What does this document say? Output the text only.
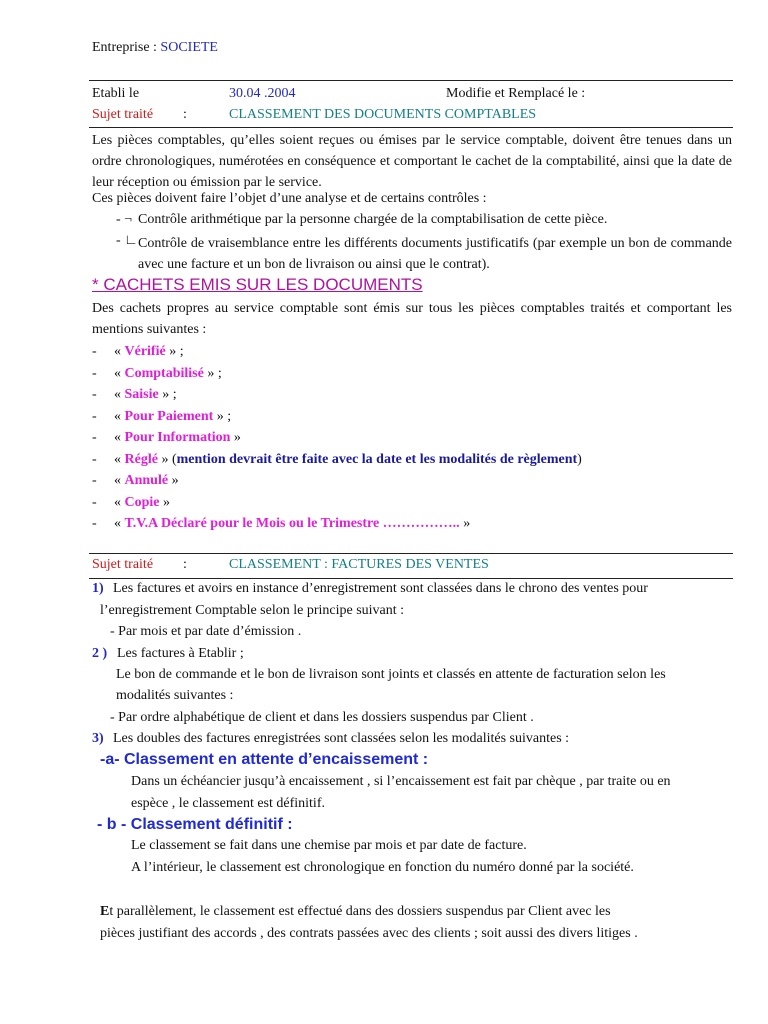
Entreprise : SOCIETE
Etabli le	30.04 .2004	Modifie et Remplacé le :
Sujet traité :	CLASSEMENT DES DOCUMENTS COMPTABLES
Les pièces comptables, qu’elles soient reçues ou émises par le service comptable, doivent être tenues dans un ordre chronologiques, numérotées en conséquence et comportant le cachet de la comptabilité, ainsi que la date de leur réception ou émission par le service.
Ces pièces doivent faire l’objet d’une analyse et de certains contrôles :
- ¬ Contrôle arithmétique par la personne chargée de la comptabilisation de cette pièce.
- ∟ Contrôle de vraisemblance entre les différents documents justificatifs (par exemple un bon de commande avec une facture et un bon de livraison ou ainsi que le contrat).
* CACHETS EMIS SUR LES DOCUMENTS
Des cachets propres au service comptable sont émis sur tous les pièces comptables traités et comportant les mentions suivantes :
- « Vérifié » ;
- « Comptabilisé » ;
- « Saisie » ;
- « Pour Paiement » ;
- « Pour Information »
- « Réglé » (mention devrait être faite avec la date et les modalités de règlement)
- « Annulé »
- « Copie »
- « T.V.A Déclaré pour le Mois ou le Trimestre …………….. »
Sujet traité :	CLASSEMENT : FACTURES DES VENTES
1) Les factures et avoirs en instance d’enregistrement sont classées dans le chrono des ventes pour
l’enregistrement Comptable selon le principe suivant :
- Par mois et par date d’émission .
2 ) Les factures à Etablir ;
Le bon de commande et le bon de livraison sont joints et classés en attente de facturation selon les
modalités suivantes :
- Par ordre alphabétique de client et dans les dossiers suspendus par Client .
3) Les doubles des factures enregistrées sont classées selon les modalités suivantes :
-a- Classement en attente d’encaissement :
Dans un échéancier jusqu’à encaissement , si l’encaissement est fait par chèque , par traite ou en
espèce , le classement est définitif.
- b - Classement définitif :
Le classement se fait dans une chemise par mois et par date de facture.
A l’intérieur, le classement est chronologique en fonction du numéro donné par la société.
Et parallèlement, le classement est effectué dans des dossiers suspendus par Client avec les
pièces justifiant des accords , des contrats passées avec des clients ; soit aussi des divers litiges .
